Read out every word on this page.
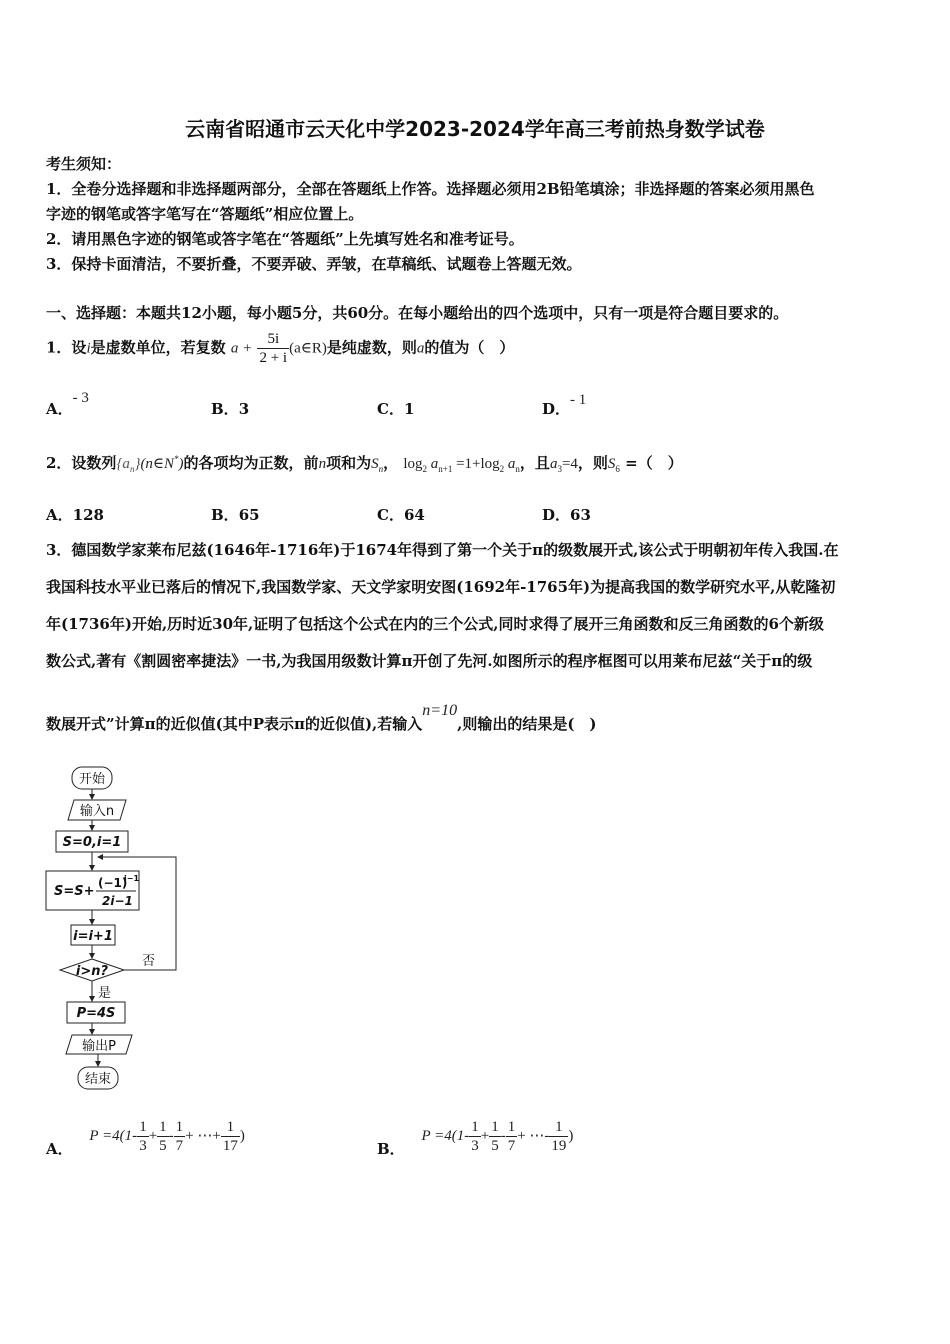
云南省昭通市云天化中学2023-2024学年高三考前热身数学试卷
考生须知：
1．全卷分选择题和非选择题两部分，全部在答题纸上作答。选择题必须用2B铅笔填涂；非选择题的答案必须用黑色
字迹的钢笔或答字笔写在“答题纸”相应位置上。
2．请用黑色字迹的钢笔或答字笔在“答题纸”上先填写姓名和准考证号。
3．保持卡面清洁，不要折叠，不要弄破、弄皱，在草稿纸、试题卷上答题无效。
一、选择题：本题共12小题，每小题5分，共60分。在每小题给出的四个选项中，只有一项是符合题目要求的。
1．设i是虚数单位，若复数 $a + \frac{5i}{2 + i}$ (a∈R)是纯虚数，则a的值为（　）
A．- 3
B．3	C．1	D．- 1
2．设数列$\{a_n\}(n\in N^*)$的各项均为正数，前n项和为$S_n$， $\log_2 a_{n+1} =1+\log_2$ $a_n$，且$a_3=4$，则$S_6$ =（　）
A．128	B．65	C．64	D．63
3．德国数学家莱布尼兹(1646年-1716年)于1674年得到了第一个关于π的级数展开式,该公式于明朝初年传入我国.在
我国科技水平业已落后的情况下,我国数学家、天文学家明安图(1692年-1765年)为提高我国的数学研究水平,从乾隆初
年(1736年)开始,历时近30年,证明了包括这个公式在内的三个公式,同时求得了展开三角函数和反三角函数的6个新级
数公式,著有《割圆密率捷法》一书,为我国用级数计算π开创了先河.如图所示的程序框图可以用莱布尼兹“关于π的级
数展开式”计算π的近似值(其中P表示π的近似值),若输入n=10,则输出的结果是(　)
开始
输入n
S=0,i=1
S=S+
(−1)
i−1
2i−1
i=i+1
i>n?
否
是
P=4S
输出P
结束
A． $P =4(1- \frac{1}{3} + \frac{1}{5} - \frac{1}{7}$ + ⋯+ $\frac{1}{17}$ )
B． $P =4(1- \frac{1}{3} + \frac{1}{5} - \frac{1}{7}$ + ⋯- $\frac{1}{19}$ )
